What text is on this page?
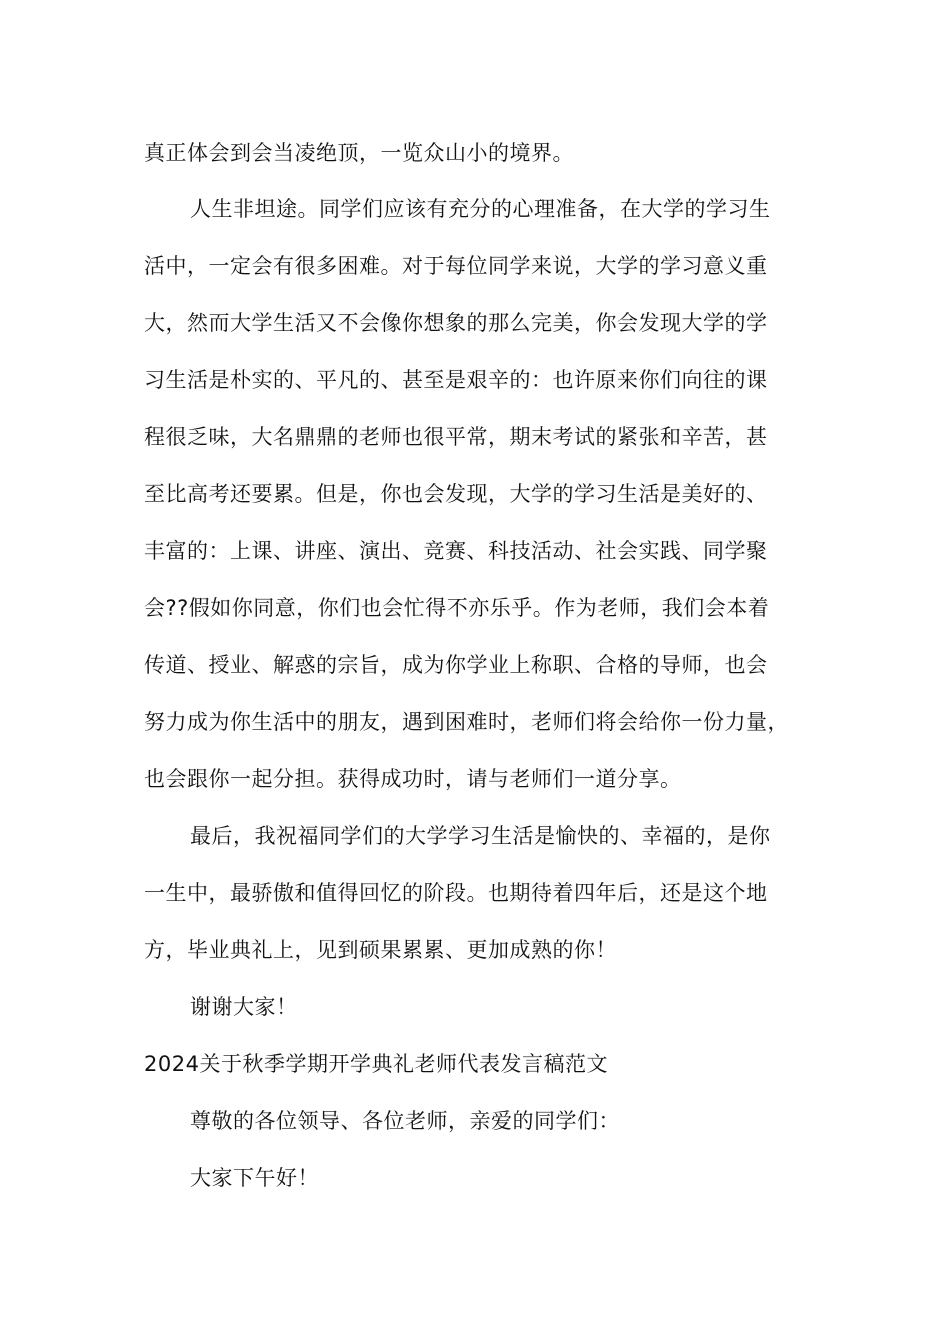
真正体会到会当凌绝顶，一览众山小的境界。
人生非坦途。同学们应该有充分的心理准备，在大学的学习生
活中，一定会有很多困难。对于每位同学来说，大学的学习意义重
大，然而大学生活又不会像你想象的那么完美，你会发现大学的学
习生活是朴实的、平凡的、甚至是艰辛的：也许原来你们向往的课
程很乏味，大名鼎鼎的老师也很平常，期末考试的紧张和辛苦，甚
至比高考还要累。但是，你也会发现，大学的学习生活是美好的、
丰富的：上课、讲座、演出、竞赛、科技活动、社会实践、同学聚
会??假如你同意，你们也会忙得不亦乐乎。作为老师，我们会本着
传道、授业、解惑的宗旨，成为你学业上称职、合格的导师，也会
努力成为你生活中的朋友，遇到困难时，老师们将会给你一份力量，
也会跟你一起分担。获得成功时，请与老师们一道分享。
最后，我祝福同学们的大学学习生活是愉快的、幸福的，是你
一生中，最骄傲和值得回忆的阶段。也期待着四年后，还是这个地
方，毕业典礼上，见到硕果累累、更加成熟的你！
谢谢大家！
2024关于秋季学期开学典礼老师代表发言稿范文
尊敬的各位领导、各位老师，亲爱的同学们：
大家下午好！
